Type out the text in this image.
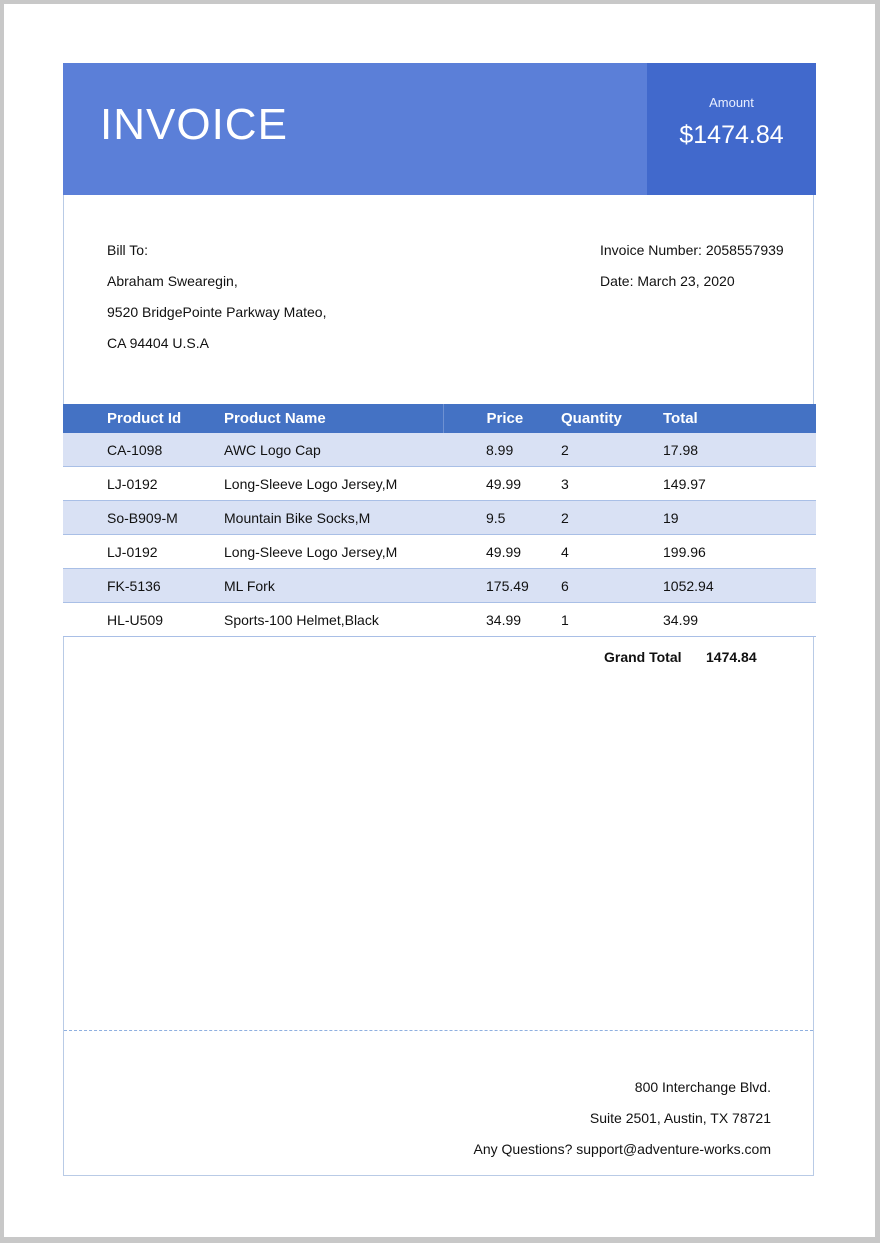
INVOICE	Amount
$1474.84
Bill To:
Abraham Swearegin,
9520 BridgePointe Parkway Mateo,
CA 94404 U.S.A
Invoice Number: 2058557939
Date: March 23, 2020
Product Id	Product Name	Price	Quantity	Total
CA-1098	AWC Logo Cap	8.99	2	17.98
LJ-0192	Long-Sleeve Logo Jersey,M	49.99	3	149.97
So-B909-M	Mountain Bike Socks,M	9.5	2	19
LJ-0192	Long-Sleeve Logo Jersey,M	49.99	4	199.96
FK-5136	ML Fork	175.49	6	1052.94
HL-U509	Sports-100 Helmet,Black	34.99	1	34.99
Grand Total 1474.84
800 Interchange Blvd.
Suite 2501, Austin, TX 78721
Any Questions? support@adventure-works.com
